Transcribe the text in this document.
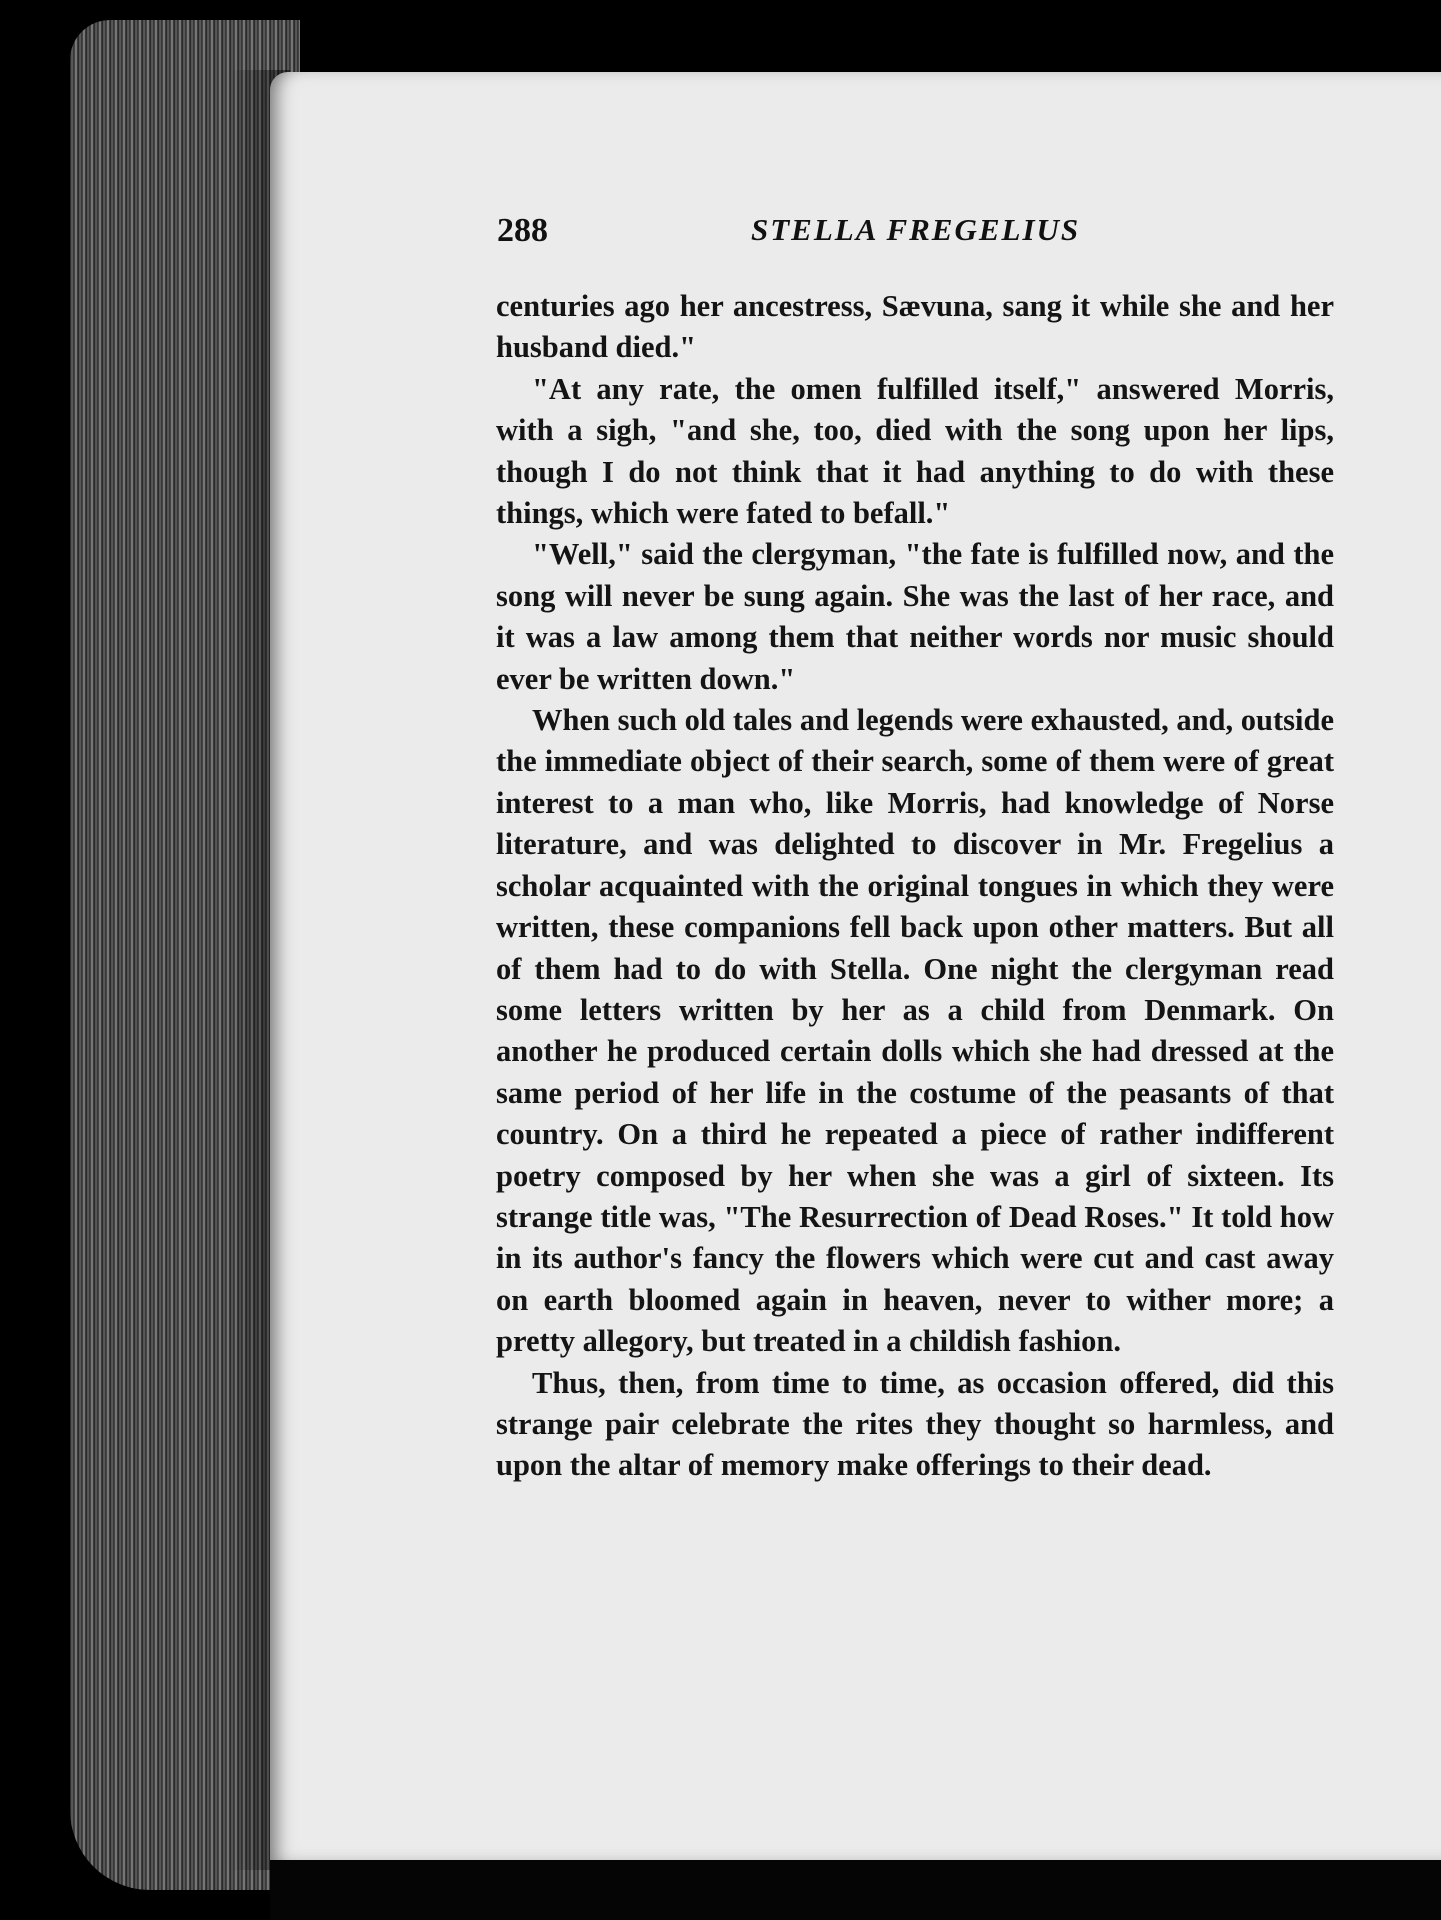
288	STELLA FREGELIUS

centuries ago her ancestress, Sævuna, sang it while she and her husband died."

"At any rate, the omen fulfilled itself," answered Morris, with a sigh, "and she, too, died with the song upon her lips, though I do not think that it had anything to do with these things, which were fated to befall."

"Well," said the clergyman, "the fate is fulfilled now, and the song will never be sung again. She was the last of her race, and it was a law among them that neither words nor music should ever be written down."

When such old tales and legends were exhausted, and, outside the immediate object of their search, some of them were of great interest to a man who, like Morris, had knowledge of Norse literature, and was delighted to discover in Mr. Fregelius a scholar acquainted with the original tongues in which they were written, these companions fell back upon other matters. But all of them had to do with Stella. One night the clergyman read some letters written by her as a child from Denmark. On another he produced certain dolls which she had dressed at the same period of her life in the costume of the peasants of that country. On a third he repeated a piece of rather indifferent poetry composed by her when she was a girl of sixteen. Its strange title was, "The Resurrection of Dead Roses." It told how in its author's fancy the flowers which were cut and cast away on earth bloomed again in heaven, never to wither more; a pretty allegory, but treated in a childish fashion.

Thus, then, from time to time, as occasion offered, did this strange pair celebrate the rites they thought so harmless, and upon the altar of memory make offerings to their dead.
